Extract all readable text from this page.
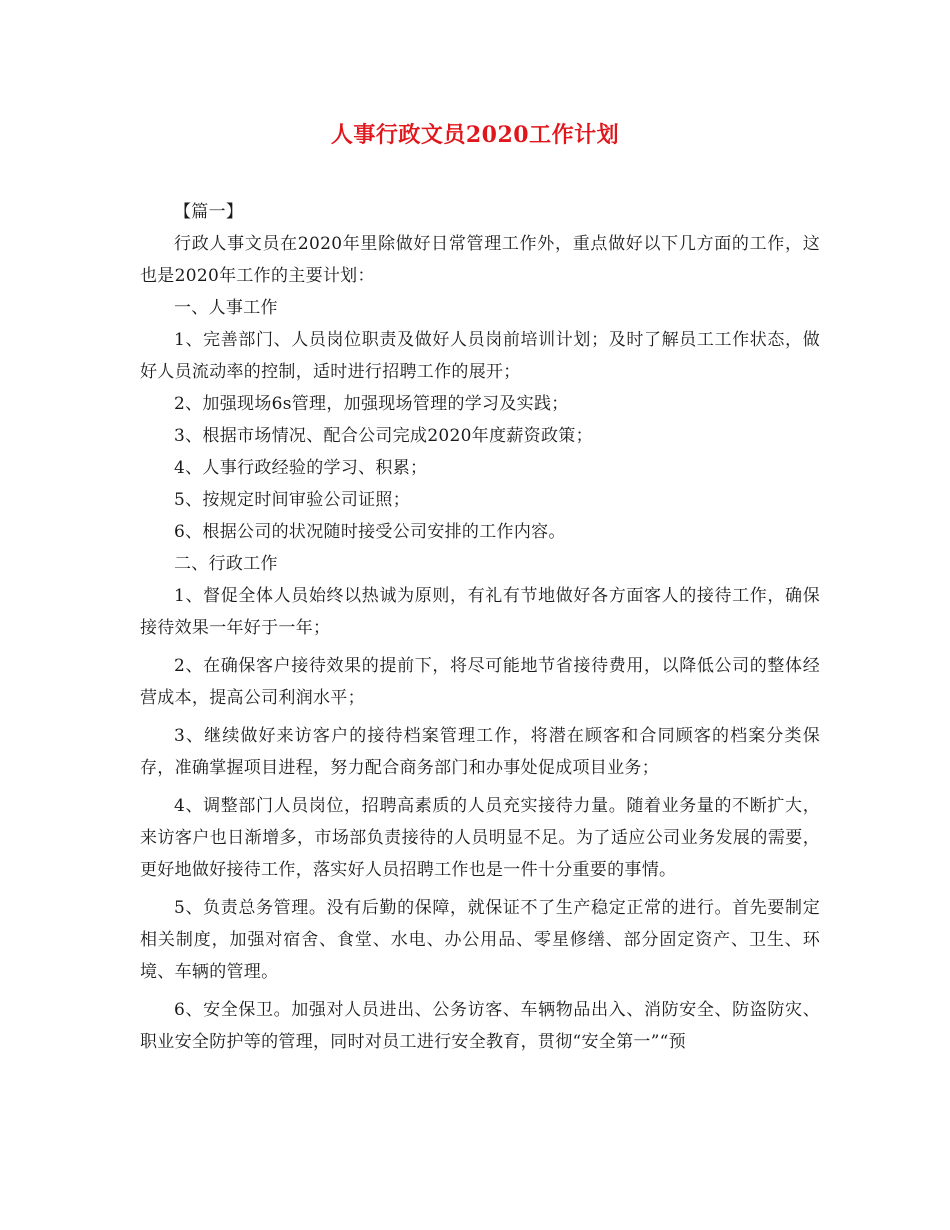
人事行政文员2020工作计划

【篇一】

行政人事文员在2020年里除做好日常管理工作外，重点做好以下几方面的工作，这也是2020年工作的主要计划：

一、人事工作

1、完善部门、人员岗位职责及做好人员岗前培训计划；及时了解员工工作状态，做好人员流动率的控制，适时进行招聘工作的展开；

2、加强现场6s管理，加强现场管理的学习及实践；

3、根据市场情况、配合公司完成2020年度薪资政策；

4、人事行政经验的学习、积累；

5、按规定时间审验公司证照；

6、根据公司的状况随时接受公司安排的工作内容。

二、行政工作

1、督促全体人员始终以热诚为原则，有礼有节地做好各方面客人的接待工作，确保接待效果一年好于一年；

2、在确保客户接待效果的提前下，将尽可能地节省接待费用，以降低公司的整体经营成本，提高公司利润水平；

3、继续做好来访客户的接待档案管理工作，将潜在顾客和合同顾客的档案分类保存，准确掌握项目进程，努力配合商务部门和办事处促成项目业务；

4、调整部门人员岗位，招聘高素质的人员充实接待力量。随着业务量的不断扩大，来访客户也日渐增多，市场部负责接待的人员明显不足。为了适应公司业务发展的需要，更好地做好接待工作，落实好人员招聘工作也是一件十分重要的事情。

5、负责总务管理。没有后勤的保障，就保证不了生产稳定正常的进行。首先要制定相关制度，加强对宿舍、食堂、水电、办公用品、零星修缮、部分固定资产、卫生、环境、车辆的管理。

6、安全保卫。加强对人员进出、公务访客、车辆物品出入、消防安全、防盗防灾、职业安全防护等的管理，同时对员工进行安全教育，贯彻“安全第一”“预
